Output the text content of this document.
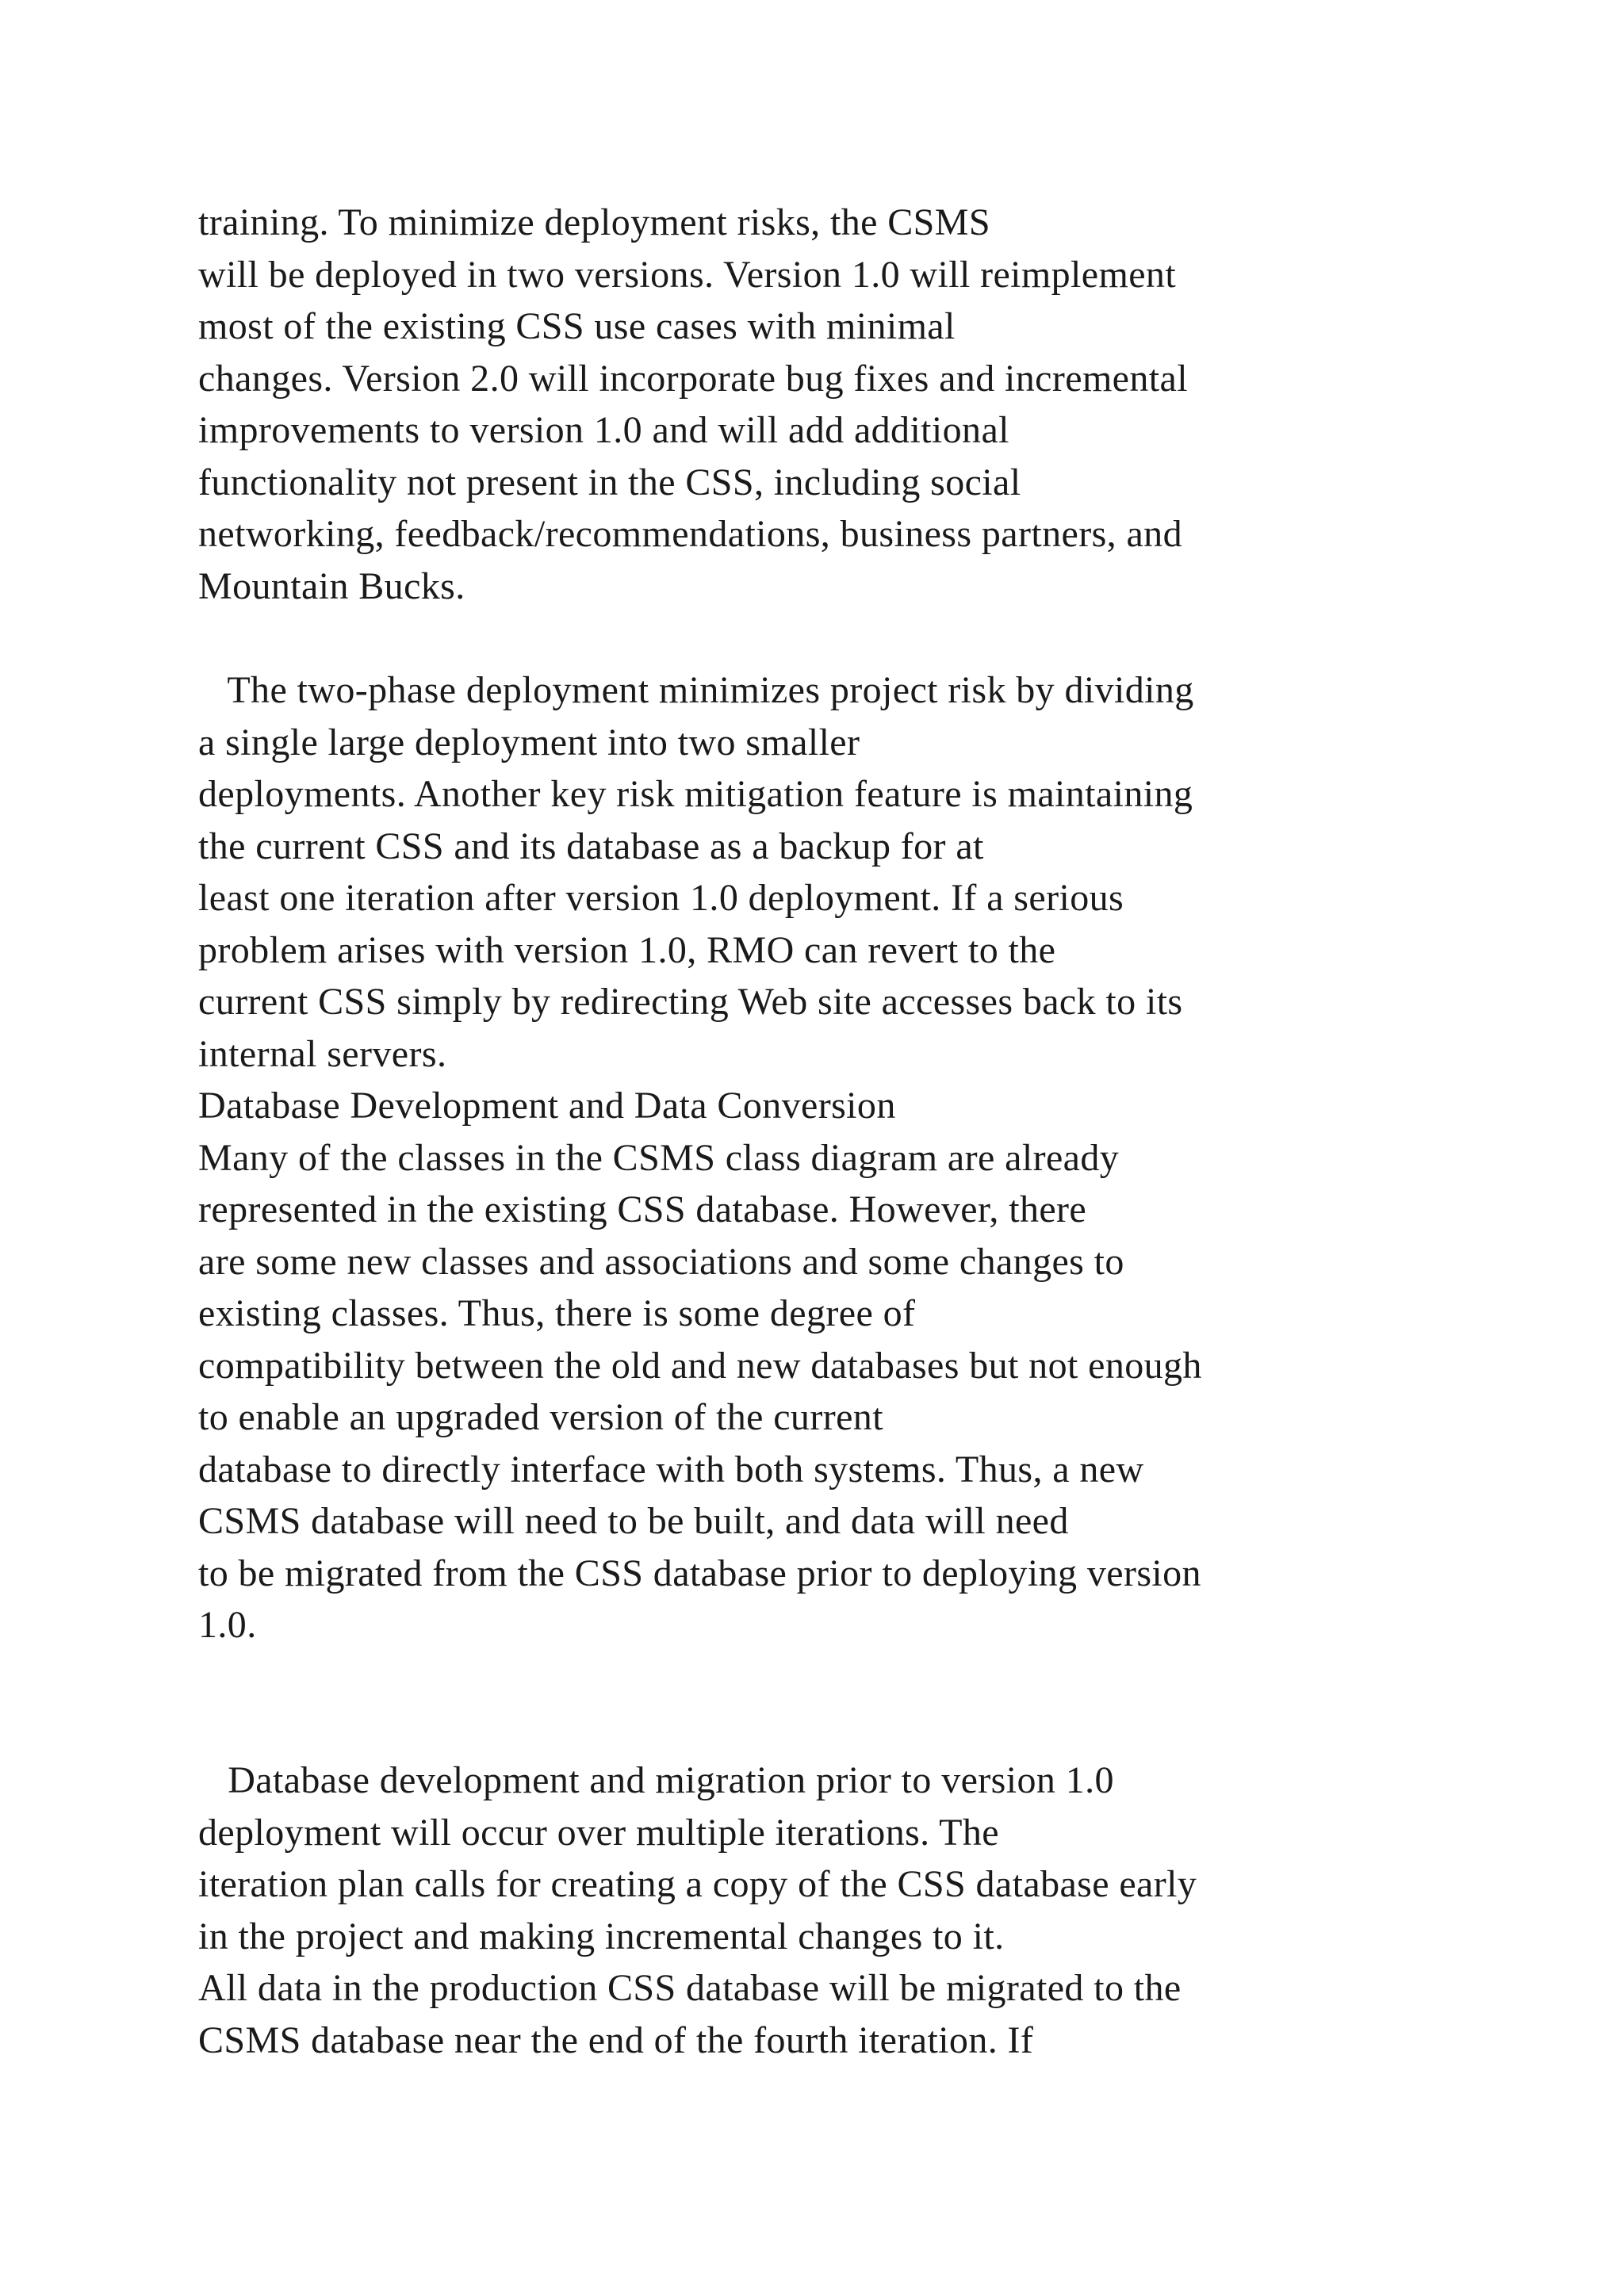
training. To minimize deployment risks, the CSMS
will be deployed in two versions. Version 1.0 will reimplement
most of the existing CSS use cases with minimal
changes. Version 2.0 will incorporate bug fixes and incremental
improvements to version 1.0 and will add additional
functionality not present in the CSS, including social
networking, feedback/recommendations, business partners, and
Mountain Bucks.
The two-phase deployment minimizes project risk by dividing
a single large deployment into two smaller
deployments. Another key risk mitigation feature is maintaining
the current CSS and its database as a backup for at
least one iteration after version 1.0 deployment. If a serious
problem arises with version 1.0, RMO can revert to the
current CSS simply by redirecting Web site accesses back to its
internal servers.
Database Development and Data Conversion
Many of the classes in the CSMS class diagram are already
represented in the existing CSS database. However, there
are some new classes and associations and some changes to
existing classes. Thus, there is some degree of
compatibility between the old and new databases but not enough
to enable an upgraded version of the current
database to directly interface with both systems. Thus, a new
CSMS database will need to be built, and data will need
to be migrated from the CSS database prior to deploying version
1.0.
Database development and migration prior to version 1.0
deployment will occur over multiple iterations. The
iteration plan calls for creating a copy of the CSS database early
in the project and making incremental changes to it.
All data in the production CSS database will be migrated to the
CSMS database near the end of the fourth iteration. If
